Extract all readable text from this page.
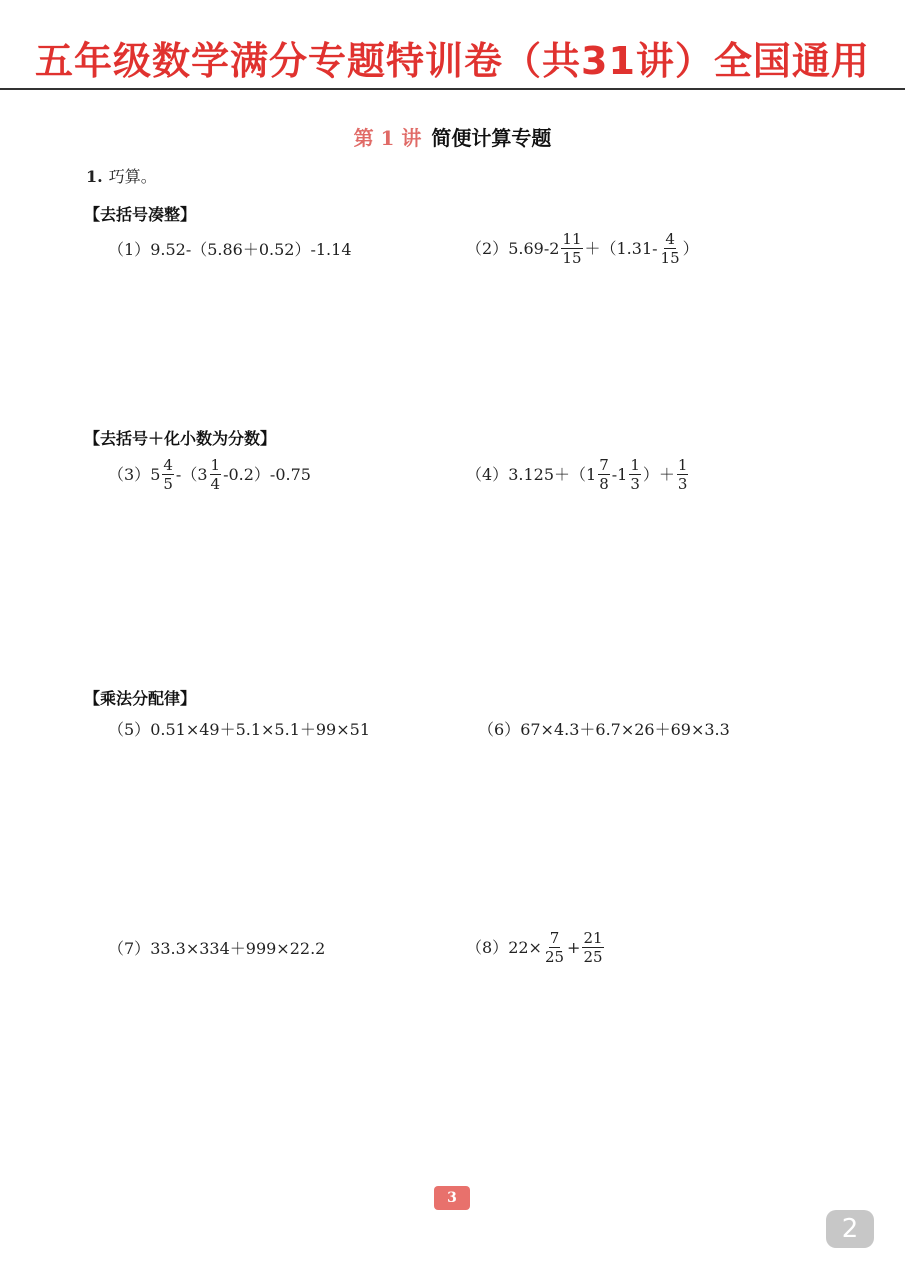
五年级数学满分专题特训卷（共31讲）全国通用
第 1 讲 简便计算专题
1. 巧算。
【去括号凑整】
【去括号＋化小数为分数】
【乘法分配律】
（1） 9.52-（5.86＋0.52）-1.14	（2） $5.69-2 \frac{11}{15} +(1.31- \frac{4}{15}$ ）
（3） $5 \frac{4}{5} -(3 \frac{1}{4} -0.2)-0.75$	（4） $3.125+(1 \frac{7}{8} -1 \frac{1}{3}$ ）＋ $\frac{1}{3}$
（5） 0.51×49＋5.1×5.1＋99×51	（6） 67×4.3＋6.7×26＋69×3.3
（7） 33.3×334＋999×22.2	（8） $22\times \frac{7}{25} + \frac{21}{25}$
3
2
